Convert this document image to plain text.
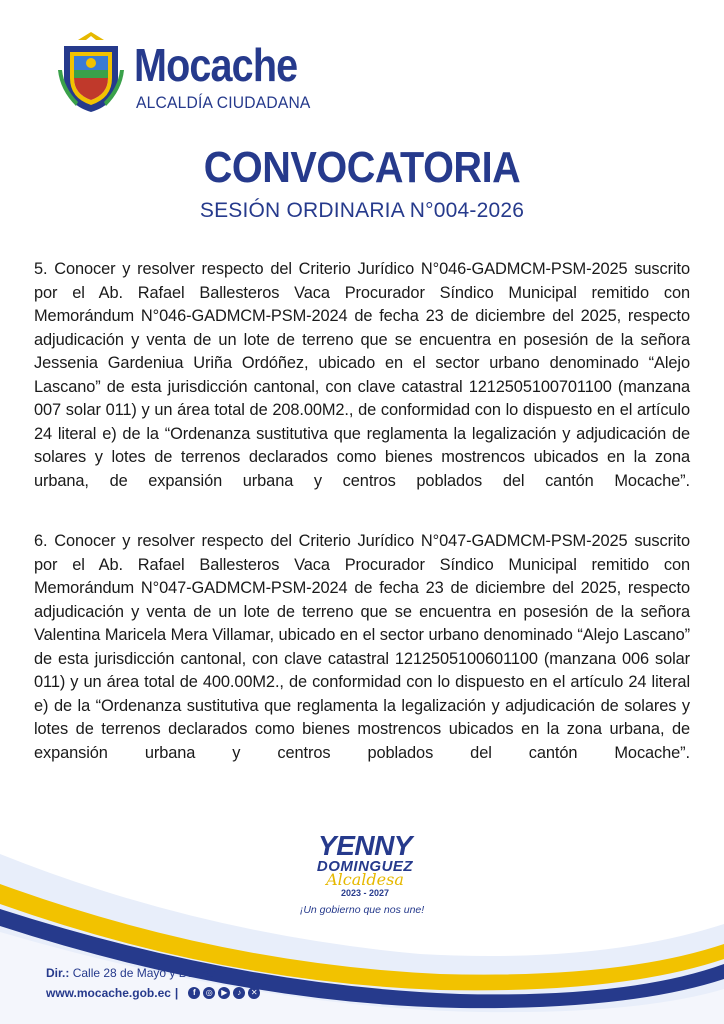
Mocache
ALCALDÍA CIUDADANA
CONVOCATORIA
SESIÓN ORDINARIA N°004-2026
5. Conocer y resolver respecto del Criterio Jurídico N°046-GADMCM-PSM-2025 suscrito por el Ab. Rafael Ballesteros Vaca Procurador Síndico Municipal remitido con Memorándum N°046-GADMCM-PSM-2024 de fecha 23 de diciembre del 2025, respecto adjudicación y venta de un lote de terreno que se encuentra en posesión de la señora Jessenia Gardeniua Uriña Ordóñez, ubicado en el sector urbano denominado “Alejo Lascano” de esta jurisdicción cantonal, con clave catastral 1212505100701100 (manzana 007 solar 011) y un área total de 208.00M2., de conformidad con lo dispuesto en el artículo 24 literal e) de la “Ordenanza sustitutiva que reglamenta la legalización y adjudicación de solares y lotes de terrenos declarados como bienes mostrencos ubicados en la zona urbana, de expansión urbana y centros poblados del cantón Mocache”.
6. Conocer y resolver respecto del Criterio Jurídico N°047-GADMCM-PSM-2025 suscrito por el Ab. Rafael Ballesteros Vaca Procurador Síndico Municipal remitido con Memorándum N°047-GADMCM-PSM-2024 de fecha 23 de diciembre del 2025, respecto adjudicación y venta de un lote de terreno que se encuentra en posesión de la señora Valentina Maricela Mera Villamar, ubicado en el sector urbano denominado “Alejo Lascano” de esta jurisdicción cantonal, con clave catastral 1212505100601100 (manzana 006 solar 011) y un área total de 400.00M2., de conformidad con lo dispuesto en el artículo 24 literal e) de la “Ordenanza sustitutiva que reglamenta la legalización y adjudicación de solares y lotes de terrenos declarados como bienes mostrencos ubicados en la zona urbana, de expansión urbana y centros poblados del cantón Mocache”.
YENNY
DOMINGUEZ
Alcaldesa
2023 - 2027
¡Un gobierno que nos une!
Dir.: Calle 28 de Mayo y Bolívar
www.mocache.gob.ec |	f	◎	▶	♪	✕
